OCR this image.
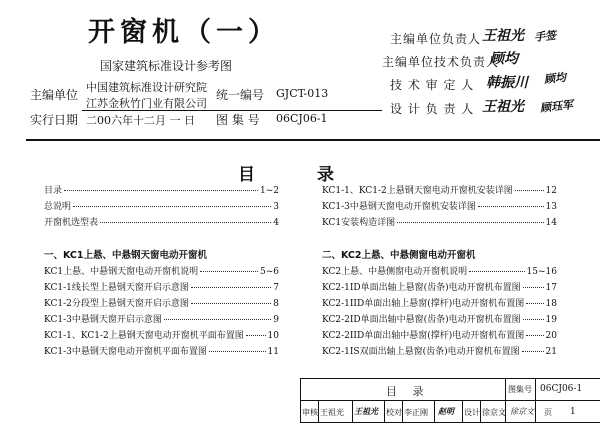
开窗机（一）
国家建筑标准设计参考图
主编单位
中国建筑标准设计研究院
江苏金秋竹门业有限公司
实行日期 二00六年十二月 一 日
统一编号 GJCT-013
图 集 号 06CJ06-1
主编单位负责人 王祖光 手签
主编单位技术负责人
顾均
技 术 审 定 人 韩振川 顾均
设 计 负 责 人 王祖光 顾珏军
目 录
目录	1~2
总说明	3
开窗机选型表	4
一、KC1上悬、中悬钢天窗电动开窗机
KC1上悬、中悬钢天窗电动开窗机说明	5~6
KC1-1线长型上悬钢天窗开启示意图	7
KC1-2分段型上悬钢天窗开启示意图	8
KC1-3中悬钢天窗开启示意图	9
KC1-1、KC1-2上悬钢天窗电动开窗机平面布置图	10
KC1-3中悬钢天窗电动开窗机平面布置图	11
KC1-1、KC1-2上悬钢天窗电动开窗机安装详图	12
KC1-3中悬钢天窗电动开窗机安装详图	13
KC1安装构造详图	14
二、KC2上悬、中悬侧窗电动开窗机
KC2上悬、中悬侧窗电动开窗机说明	15~16
KC2-1ID单面出轴上悬窗(齿条)电动开窗机布置图	17
KC2-1IID单面出轴上悬窗(撑杆)电动开窗机布置图 18
KC2-2ID单面出轴中悬窗(齿条)电动开窗机布置图	19
KC2-2IID单面出轴中悬窗(撑杆)电动开窗机布置图 20
KC2-1IS双面出轴上悬窗(齿条)电动开窗机布置图	21
目 录	图集号 06CJ06-1
审核 王祖光 王祖光 校对 李正刚 赵明 设计 徐京文 徐京文 页 1
